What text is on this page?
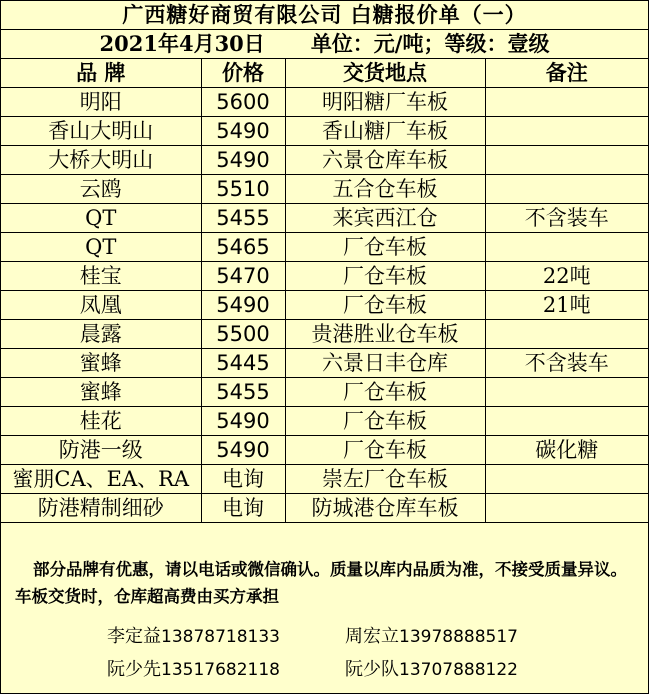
广西糖好商贸有限公司 白糖报价单（一）			
2021年4月30日 单位：元/吨；等级：壹级			
品 牌	价格	交货地点	备注
明阳	5600	明阳糖厂车板	
香山大明山	5490	香山糖厂车板	
大桥大明山	5490	六景仓库车板	
云鸥	5510	五合仓车板	
QT	5455	来宾西江仓	不含装车
QT	5465	厂仓车板	
桂宝	5470	厂仓车板	22吨
凤凰	5490	厂仓车板	21吨
晨露	5500	贵港胜业仓车板	
蜜蜂	5445	六景日丰仓库	不含装车
蜜蜂	5455	厂仓车板	
桂花	5490	厂仓车板	
防港一级	5490	厂仓车板	碳化糖
蜜朋CA、EA、RA	电询	崇左厂仓车板	
防港精制细砂	电询	防城港仓库车板	
部分品牌有优惠，请以电话或微信确认。质量以库内品质为准，不接受质量异议。车板交货时，仓库超高费由买方承担
李定益13878718133	周宏立13978888517
阮少先13517682118	阮少队13707888122
